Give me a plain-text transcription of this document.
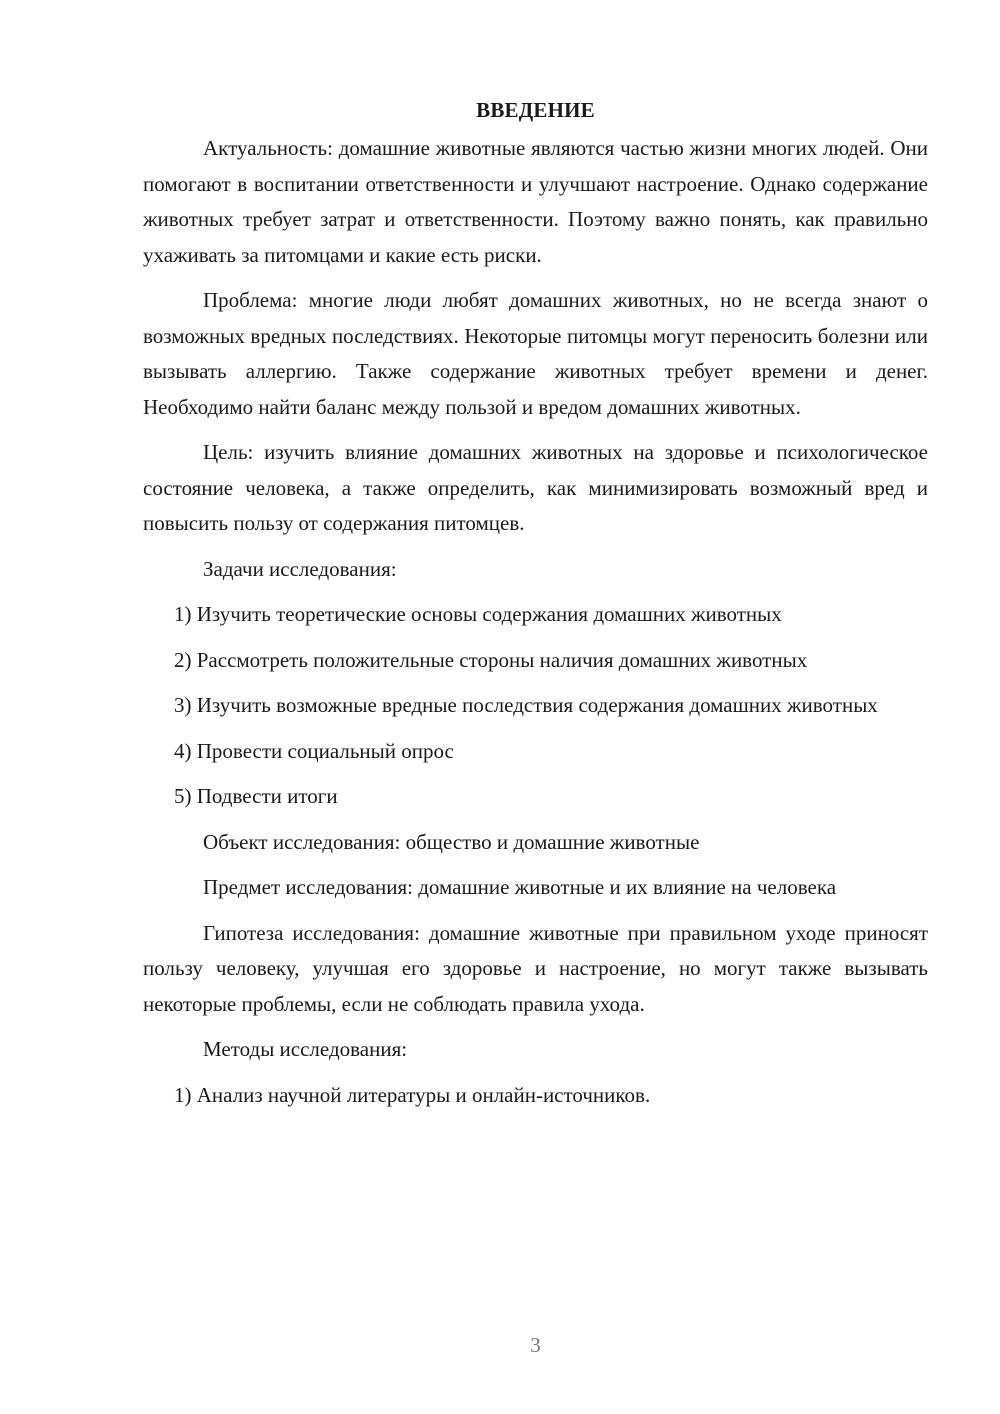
ВВЕДЕНИЕ

Актуальность: домашние животные являются частью жизни многих людей. Они помогают в воспитании ответственности и улучшают настроение. Однако содержание животных требует затрат и ответственности. Поэтому важно понять, как правильно ухаживать за питомцами и какие есть риски.

Проблема: многие люди любят домашних животных, но не всегда знают о возможных вредных последствиях. Некоторые питомцы могут переносить болезни или вызывать аллергию. Также содержание животных требует времени и денег. Необходимо найти баланс между пользой и вредом домашних животных.

Цель: изучить влияние домашних животных на здоровье и психологическое состояние человека, а также определить, как минимизировать возможный вред и повысить пользу от содержания питомцев.

Задачи исследования:

1) Изучить теоретические основы содержания домашних животных

2) Рассмотреть положительные стороны наличия домашних животных

3) Изучить возможные вредные последствия содержания домашних животных

4) Провести социальный опрос

5) Подвести итоги

Объект исследования: общество и домашние животные

Предмет исследования: домашние животные и их влияние на человека

Гипотеза исследования: домашние животные при правильном уходе приносят пользу человеку, улучшая его здоровье и настроение, но могут также вызывать некоторые проблемы, если не соблюдать правила ухода.

Методы исследования:

1) Анализ научной литературы и онлайн-источников.

3
